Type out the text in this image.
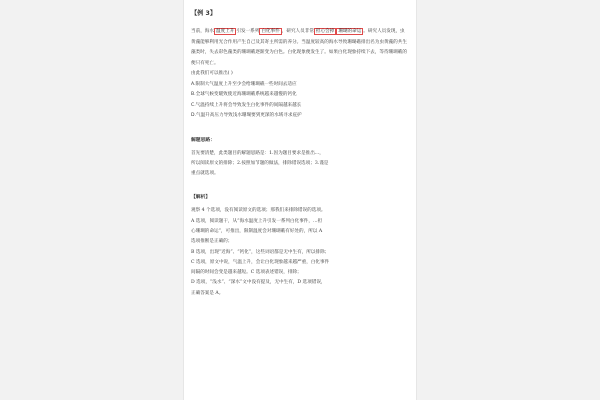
【例 3】

当前，海水 温度上升 引发一系列 白化事件 ，研究人员非常 担心会掉 珊瑚的命运 。研究人员发现，虫黄藻能够利用光合作用产生自己及其寄主所需的养分。当温度较高的海水导致珊瑚礁排出名为虫黄藻的共生藻类时，失去彩色藻类的珊瑚礁逐渐变为白色。白化现象便发生了。如果白化现象持续下去，等待珊瑚礁的便只有死亡。

由此我们可以推出( )

A.限制大气温度上升至少会给珊瑚礁一些时间去适应

B.全球气候变暖致使近海珊瑚礁系统越来越慢的钙化

C.气温持续上升将会导致发生白化事件的间隔越来越长

D.气温升高压力导致浅水珊瑚要到更深的水域寻求庇护

解题思路：

首先要清楚，此类题目的解题思路是：1.因为题目要求是推出...，

所以阅读原文的排除；2.按照加节题的做法，排除错误选项；3.谨是

重点就选项。

【解析】

观察 4 个选项，没有阅读原文的选项；那我们来排除错误的选项。

A 选项，阅读题干，从“海水温度上升引发一系列白化事件，…担

心珊瑚的命运”，可推出，限制温度会对珊瑚礁有好处的，所以 A

选项推断是正确的；

B 选项，出现“近海”、“钙化”，这些词语都是无中生有，所以排除；

C 选项，原文中说，气温上升，会让白化现象越来越严重，白化事件

间隔的时间会变是越来越短。C 选项表述错误，排除；

D 选项，“浅水”、“深水”文中没有提及，无中生有，D 选项错误，

正确答案是 A。
